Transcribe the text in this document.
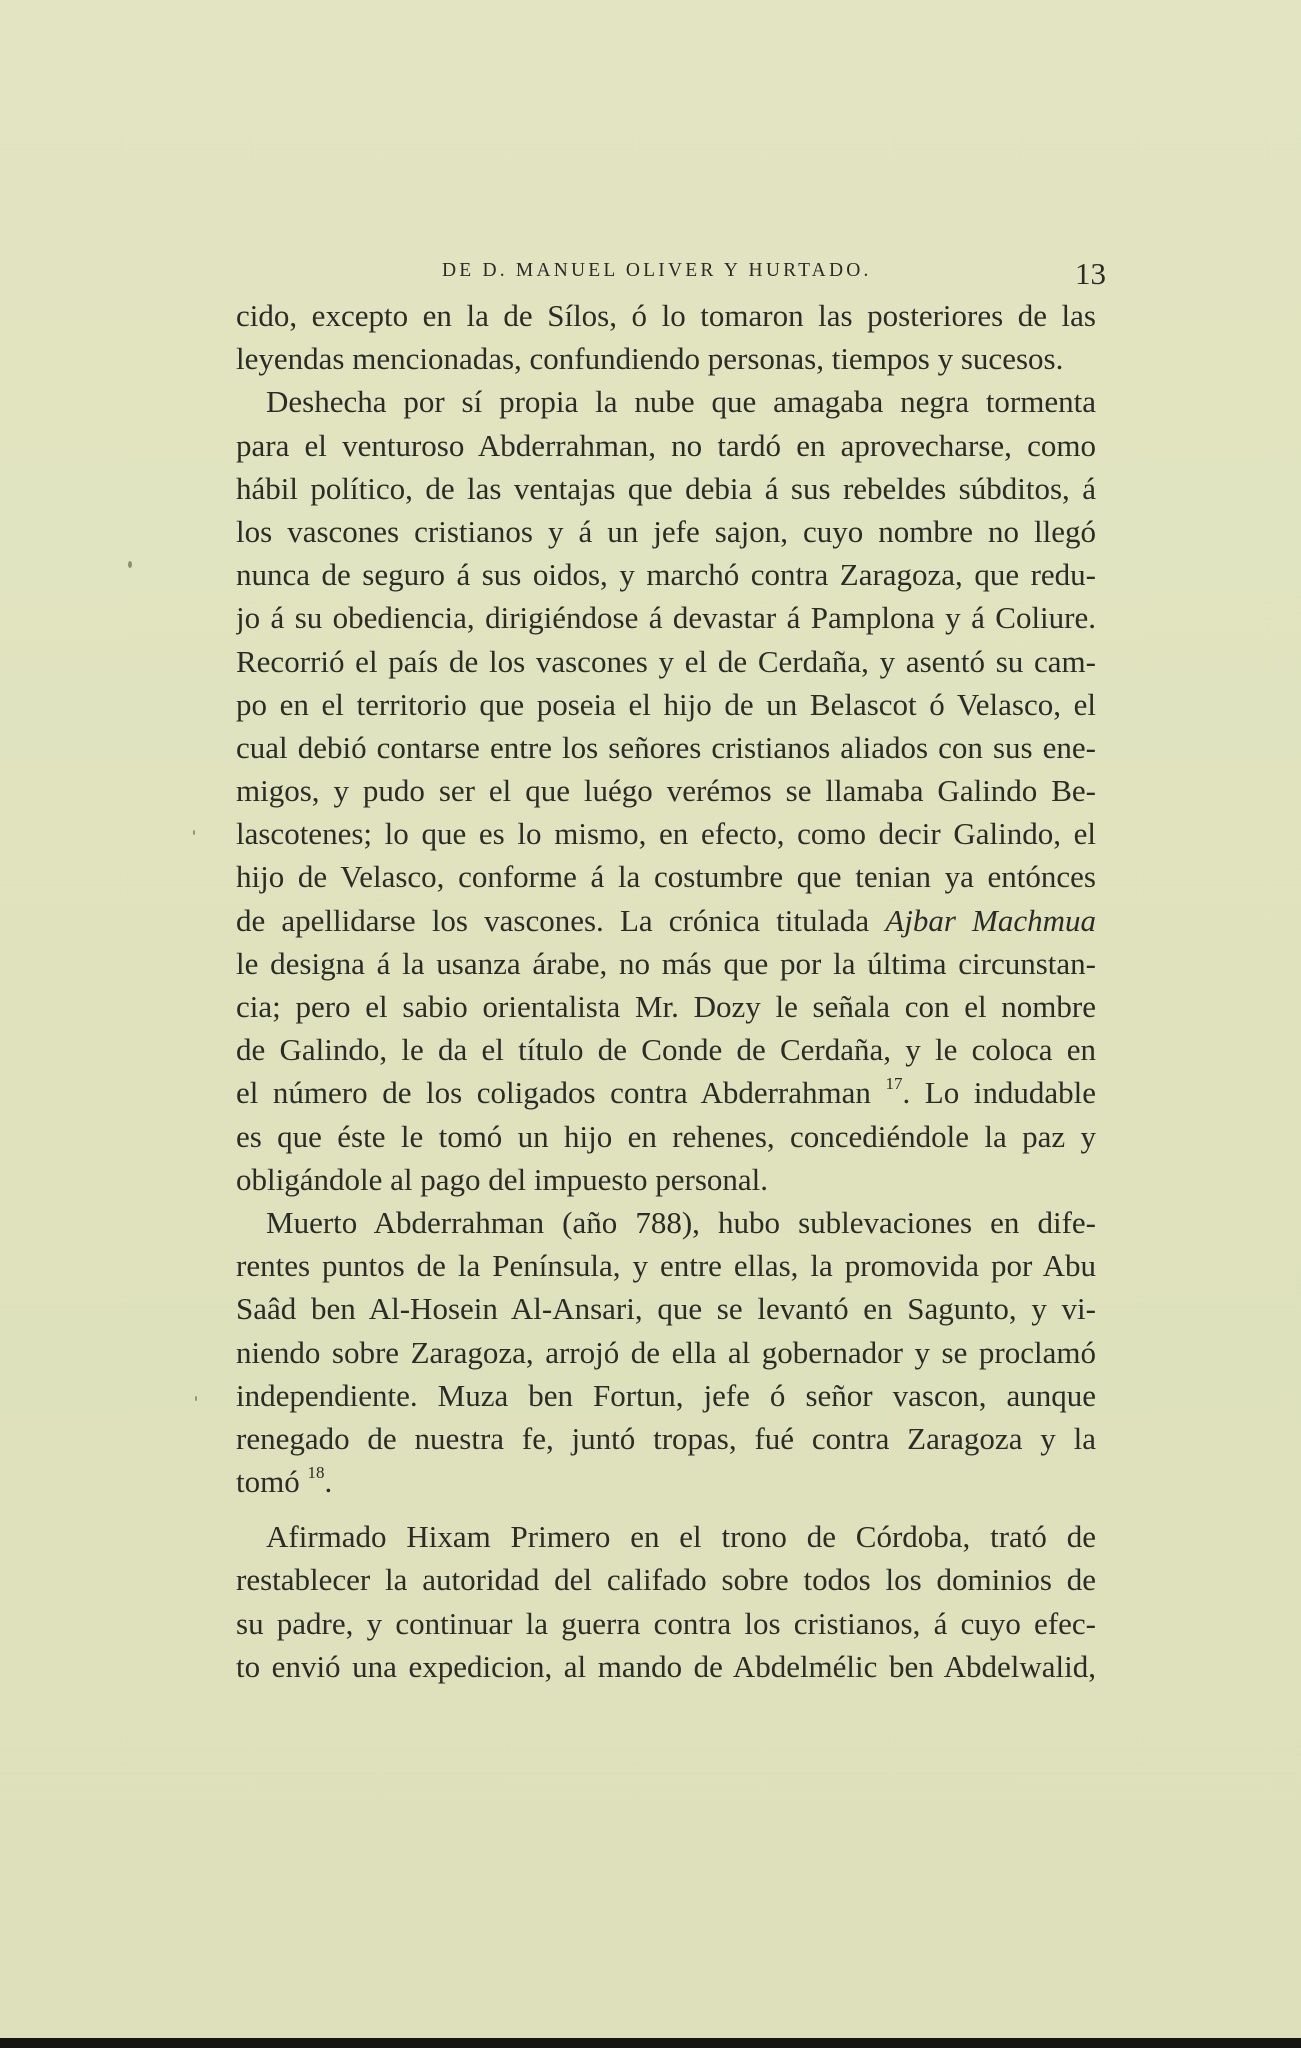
DE D. MANUEL OLIVER Y HURTADO.	13
cido, excepto en la de Sílos, ó lo tomaron las posteriores de las
leyendas mencionadas, confundiendo personas, tiempos y sucesos.
Deshecha por sí propia la nube que amagaba negra tormenta
para el venturoso Abderrahman, no tardó en aprovecharse, como
hábil político, de las ventajas que debia á sus rebeldes súbditos, á
los vascones cristianos y á un jefe sajon, cuyo nombre no llegó
nunca de seguro á sus oidos, y marchó contra Zaragoza, que redu-
jo á su obediencia, dirigiéndose á devastar á Pamplona y á Coliure.
Recorrió el país de los vascones y el de Cerdaña, y asentó su cam-
po en el territorio que poseia el hijo de un Belascot ó Velasco, el
cual debió contarse entre los señores cristianos aliados con sus ene-
migos, y pudo ser el que luégo verémos se llamaba Galindo Be-
lascotenes; lo que es lo mismo, en efecto, como decir Galindo, el
hijo de Velasco, conforme á la costumbre que tenian ya entónces
de apellidarse los vascones. La crónica titulada Ajbar Machmua
le designa á la usanza árabe, no más que por la última circunstan-
cia; pero el sabio orientalista Mr. Dozy le señala con el nombre
de Galindo, le da el título de Conde de Cerdaña, y le coloca en
el número de los coligados contra Abderrahman $^{17}$. Lo indudable
es que éste le tomó un hijo en rehenes, concediéndole la paz y
obligándole al pago del impuesto personal.
Muerto Abderrahman (año 788), hubo sublevaciones en dife-
rentes puntos de la Península, y entre ellas, la promovida por Abu
Saâd ben Al-Hosein Al-Ansari, que se levantó en Sagunto, y vi-
niendo sobre Zaragoza, arrojó de ella al gobernador y se proclamó
independiente. Muza ben Fortun, jefe ó señor vascon, aunque
renegado de nuestra fe, juntó tropas, fué contra Zaragoza y la
tomó $^{18}$.
Afirmado Hixam Primero en el trono de Córdoba, trató de
restablecer la autoridad del califado sobre todos los dominios de
su padre, y continuar la guerra contra los cristianos, á cuyo efec-
to envió una expedicion, al mando de Abdelmélic ben Abdelwalid,
